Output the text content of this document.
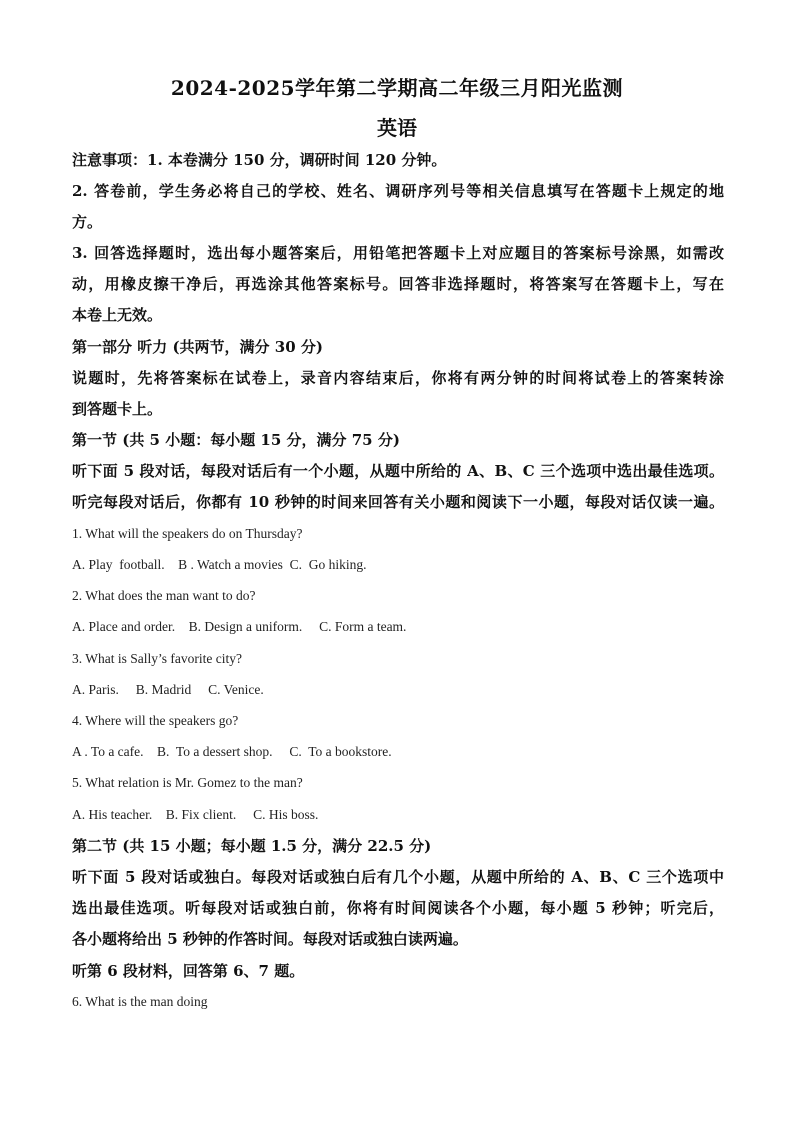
2024-2025学年第二学期高二年级三月阳光监测
英语
注意事项：1. 本卷满分 150 分，调研时间 120 分钟。
2. 答卷前，学生务必将自己的学校、姓名、调研序列号等相关信息填写在答题卡上规定的地
方。
3. 回答选择题时，选出每小题答案后，用铅笔把答题卡上对应题目的答案标号涂黑，如需改
动，用橡皮擦干净后，再选涂其他答案标号。回答非选择题时，将答案写在答题卡上，写在
本卷上无效。
第一部分 听力 (共两节，满分 30 分)
说题时，先将答案标在试卷上，录音内容结束后，你将有两分钟的时间将试卷上的答案转涂
到答题卡上。
第一节 (共 5 小题：每小题 15 分，满分 75 分)
听下面 5 段对话，每段对话后有一个小题，从题中所给的 A、B、C 三个选项中选出最佳选项。
听完每段对话后，你都有 10 秒钟的时间来回答有关小题和阅读下一小题，每段对话仅读一遍。
1. What will the speakers do on Thursday?
A. Play  football.    B . Watch a movies  C.  Go hiking.
2. What does the man want to do?
A. Place and order.    B. Design a uniform.     C. Form a team.
3. What is Sally’s favorite city?
A. Paris.     B. Madrid     C. Venice.
4. Where will the speakers go?
A . To a cafe.    B.  To a dessert shop.     C.  To a bookstore.
5. What relation is Mr. Gomez to the man?
A. His teacher.    B. Fix client.     C. His boss.
第二节 (共 15 小题；每小题 1.5 分，满分 22.5 分)
听下面 5 段对话或独白。每段对话或独白后有几个小题，从题中所给的 A、B、C 三个选项中
选出最佳选项。听每段对话或独白前，你将有时间阅读各个小题，每小题 5 秒钟；听完后，
各小题将给出 5 秒钟的作答时间。每段对话或独白读两遍。
听第 6 段材料，回答第 6、7 题。
6. What is the man doing
